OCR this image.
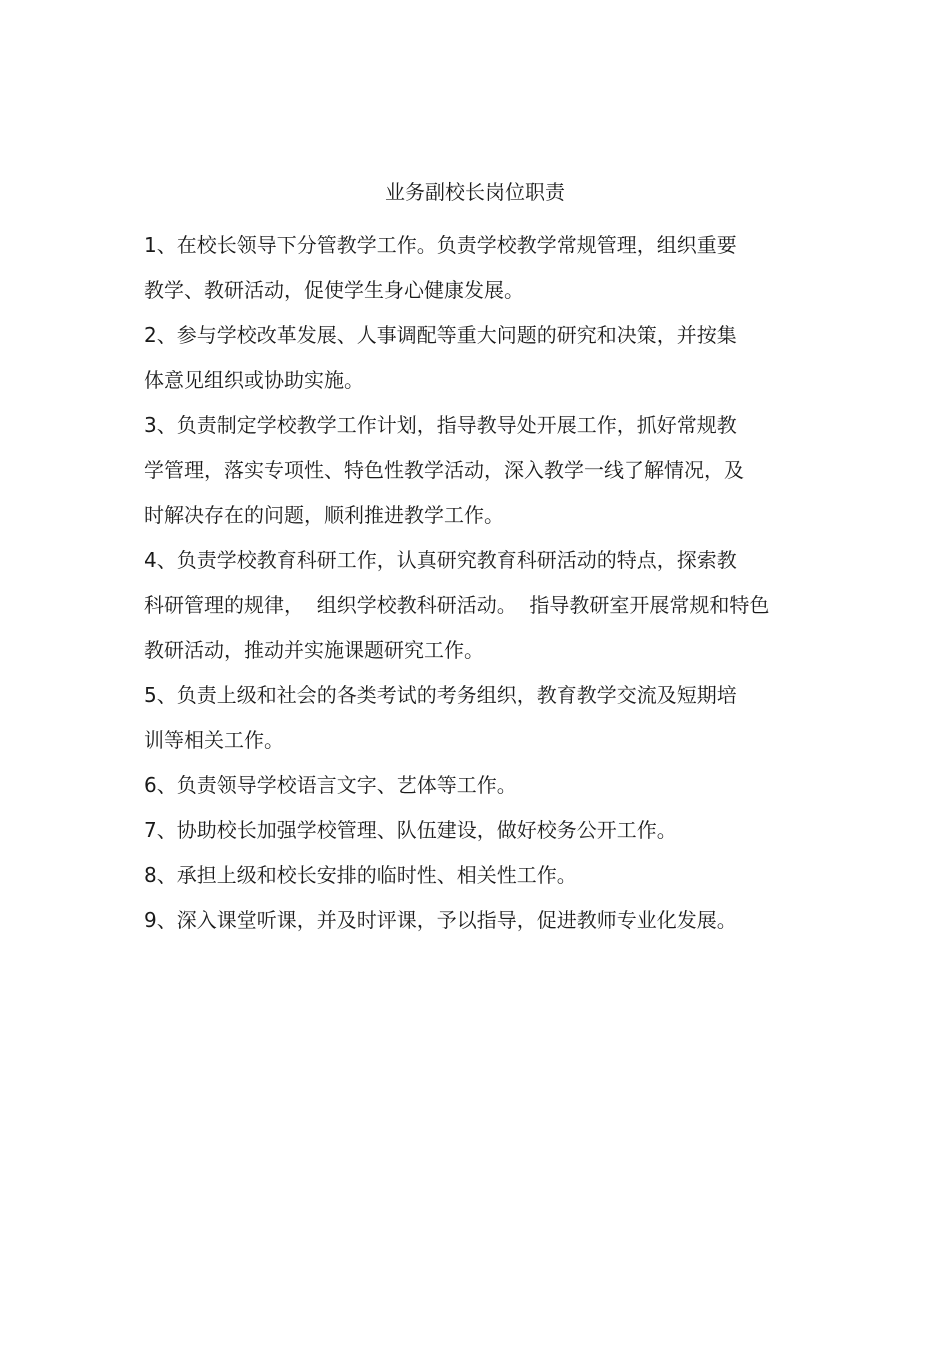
业务副校长岗位职责
1、在校长领导下分管教学工作。负责学校教学常规管理，组织重要
教学、教研活动，促使学生身心健康发展。
2、参与学校改革发展、人事调配等重大问题的研究和决策，并按集
体意见组织或协助实施。
3、负责制定学校教学工作计划，指导教导处开展工作，抓好常规教
学管理，落实专项性、特色性教学活动，深入教学一线了解情况，及
时解决存在的问题，顺利推进教学工作。
4、负责学校教育科研工作，认真研究教育科研活动的特点，探索教
科研管理的规律，  组织学校教科研活动。  指导教研室开展常规和特色
教研活动，推动并实施课题研究工作。
5、负责上级和社会的各类考试的考务组织，教育教学交流及短期培
训等相关工作。
6、负责领导学校语言文字、艺体等工作。
7、协助校长加强学校管理、队伍建设，做好校务公开工作。
8、承担上级和校长安排的临时性、相关性工作。
9、深入课堂听课，并及时评课，予以指导，促进教师专业化发展。
